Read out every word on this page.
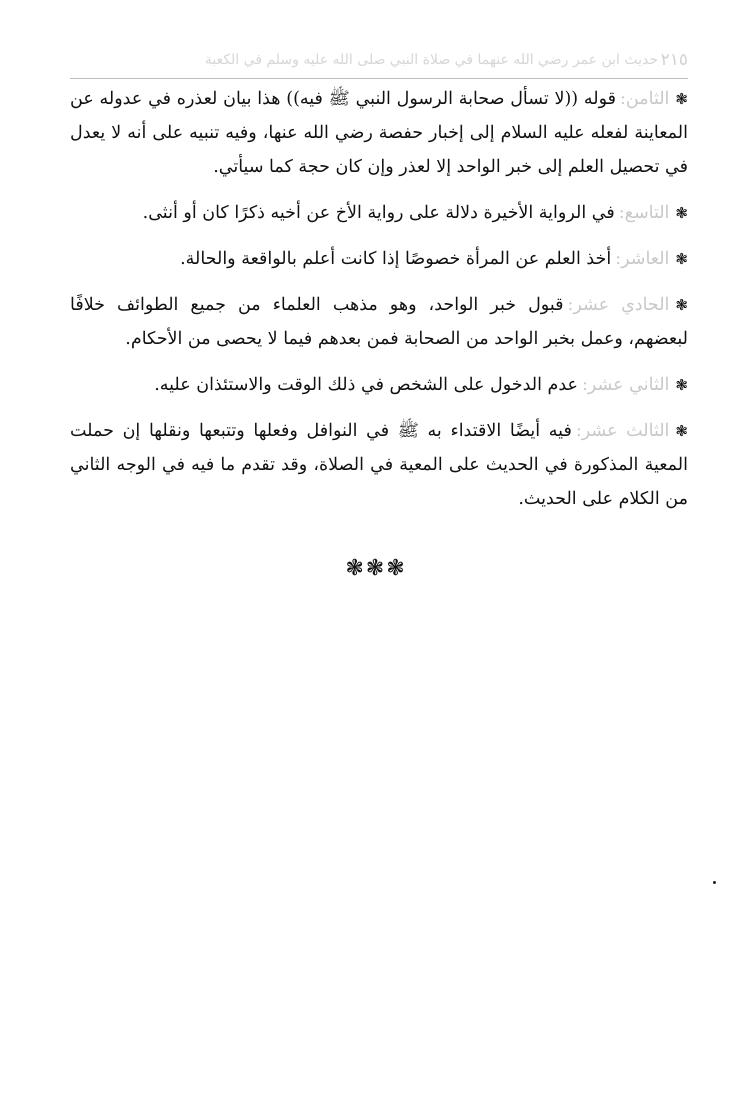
٢١٥
حديث ابن عمر رضي الله عنهما في صلاة النبي صلى الله عليه وسلم في الكعبة

❃الثامن:قوله ((لا تسأل صحابة الرسول النبي ﷺ فيه)) هذا بيان لعذره في عدوله عن المعاينة لفعله عليه السلام إلى إخبار حفصة رضي الله عنها، وفيه تنبيه على أنه لا يعدل في تحصيل العلم إلى خبر الواحد إلا لعذر وإن كان حجة كما سيأتي.

❃التاسع:في الرواية الأخيرة دلالة على رواية الأخ عن أخيه ذكرًا كان أو أنثى.

❃العاشر:أخذ العلم عن المرأة خصوصًا إذا كانت أعلم بالواقعة والحالة.

❃الحادي عشر:قبول خبر الواحد، وهو مذهب العلماء من جميع الطوائف خلافًا لبعضهم، وعمل بخبر الواحد من الصحابة فمن بعدهم فيما لا يحصى من الأحكام.

❃الثاني عشر:عدم الدخول على الشخص في ذلك الوقت والاستئذان عليه.

❃الثالث عشر:فيه أيضًا الاقتداء به ﷺ في النوافل وفعلها وتتبعها ونقلها إن حملت المعية المذكورة في الحديث على المعية في الصلاة، وقد تقدم ما فيه في الوجه الثاني من الكلام على الحديث.

❃❃❃
